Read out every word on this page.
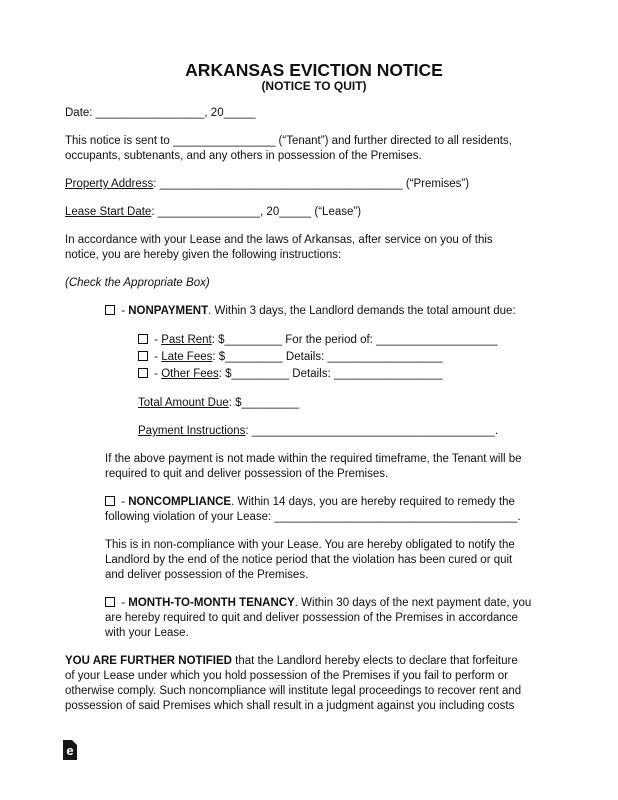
ARKANSAS EVICTION NOTICE
(NOTICE TO QUIT)
Date: _________________, 20_____
This notice is sent to ________________ (“Tenant”) and further directed to all residents,
occupants, subtenants, and any others in possession of the Premises.
Property Address: ______________________________________ (“Premises”)
Lease Start Date: ________________, 20_____ (“Lease”)
In accordance with your Lease and the laws of Arkansas, after service on you of this
notice, you are hereby given the following instructions:
(Check the Appropriate Box)
- NONPAYMENT. Within 3 days, the Landlord demands the total amount due:
- Past Rent: $_________ For the period of: ___________________
- Late Fees: $_________ Details: __________________
- Other Fees: $_________ Details: _________________
Total Amount Due: $_________
Payment Instructions: ______________________________________.
If the above payment is not made within the required timeframe, the Tenant will be
required to quit and deliver possession of the Premises.
- NONCOMPLIANCE. Within 14 days, you are hereby required to remedy the
following violation of your Lease: ______________________________________.
This is in non-compliance with your Lease. You are hereby obligated to notify the
Landlord by the end of the notice period that the violation has been cured or quit
and deliver possession of the Premises.
- MONTH-TO-MONTH TENANCY. Within 30 days of the next payment date, you
are hereby required to quit and deliver possession of the Premises in accordance
with your Lease.
YOU ARE FURTHER NOTIFIED that the Landlord hereby elects to declare that forfeiture
of your Lease under which you hold possession of the Premises if you fail to perform or
otherwise comply. Such noncompliance will institute legal proceedings to recover rent and
possession of said Premises which shall result in a judgment against you including costs
e
